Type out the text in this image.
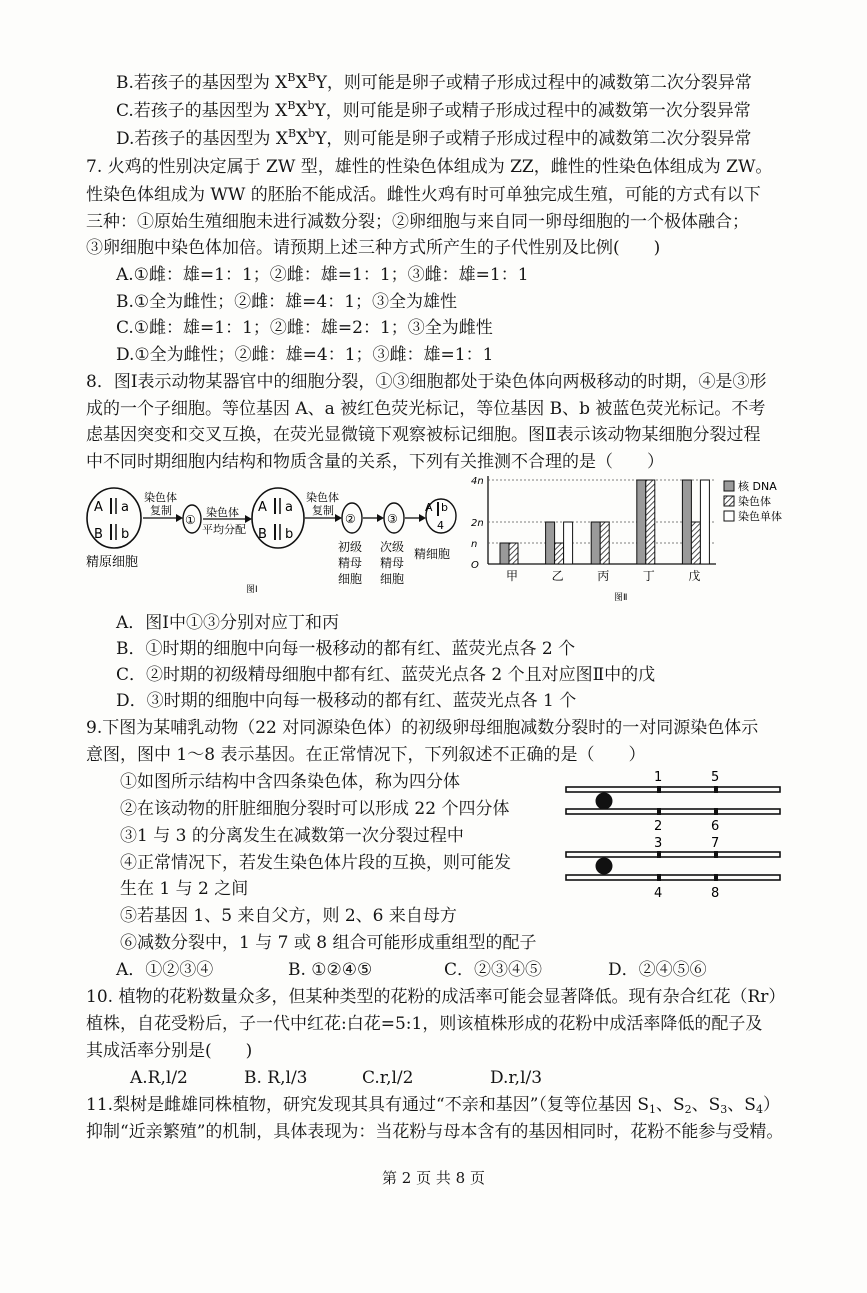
B.若孩子的基因型为 $X^BX^BY$，则可能是卵子或精子形成过程中的减数第二次分裂异常
C.若孩子的基因型为 $X^BX^bY$，则可能是卵子或精子形成过程中的减数第一次分裂异常
D.若孩子的基因型为 $X^BX^bY$，则可能是卵子或精子形成过程中的减数第二次分裂异常
7. 火鸡的性别决定属于 ZW 型，雄性的性染色体组成为 ZZ，雌性的性染色体组成为 ZW。
性染色体组成为 WW 的胚胎不能成活。雌性火鸡有时可单独完成生殖，可能的方式有以下
三种：①原始生殖细胞未进行减数分裂；②卵细胞与来自同一卵母细胞的一个极体融合；
③卵细胞中染色体加倍。请预期上述三种方式所产生的子代性别及比例(　　)
A.①雌：雄=1：1；②雌：雄=1：1；③雌：雄=1：1
B.①全为雌性；②雌：雄=4：1；③全为雄性
C.①雌：雄=1：1；②雌：雄=2：1；③全为雌性
D.①全为雌性；②雌：雄=4：1；③雌：雄=1：1
8．图Ⅰ表示动物某器官中的细胞分裂，①③细胞都处于染色体向两极移动的时期，④是③形
成的一个子细胞。等位基因 A、a 被红色荧光标记，等位基因 B、b 被蓝色荧光标记。不考
虑基因突变和交叉互换，在荧光显微镜下观察被标记细胞。图Ⅱ表示该动物某细胞分裂过程
中不同时期细胞内结构和物质含量的关系，下列有关推测不合理的是（　　）
A a
B b
精原细胞
染色体
复制
①
染色体
平均分配
A a
B b
染色体
复制
②	③
A b
4
初级
精母
细胞
次级
精母
细胞
精细胞
图Ⅰ
4n
2n
n
O
甲	乙	丙	丁	戊
核 DNA
染色体
染色单体
图Ⅱ
A．图Ⅰ中①③分别对应丁和丙
B．①时期的细胞中向每一极移动的都有红、蓝荧光点各 2 个
C．②时期的初级精母细胞中都有红、蓝荧光点各 2 个且对应图Ⅱ中的戊
D．③时期的细胞中向每一极移动的都有红、蓝荧光点各 1 个
9.下图为某哺乳动物（22 对同源染色体）的初级卵母细胞减数分裂时的一对同源染色体示
意图，图中 1～8 表示基因。在正常情况下，下列叙述不正确的是（　　）
①如图所示结构中含四条染色体，称为四分体
②在该动物的肝脏细胞分裂时可以形成 22 个四分体
③1 与 3 的分离发生在减数第一次分裂过程中
④正常情况下，若发生染色体片段的互换，则可能发
生在 1 与 2 之间
⑤若基因 1、5 来自父方，则 2、6 来自母方
⑥减数分裂中，1 与 7 或 8 组合可能形成重组型的配子
1	5
2	6
3	7
4	8
A．①②③④	B. ①②④⑤	C．②③④⑤	D．②④⑤⑥
10. 植物的花粉数量众多，但某种类型的花粉的成活率可能会显著降低。现有杂合红花（Rr）
植株，自花受粉后，子一代中红花:白花=5:1，则该植株形成的花粉中成活率降低的配子及
其成活率分别是(　　)
A.R,l/2	B. R,l/3	C.r,l/2	D.r,l/3
11.梨树是雌雄同株植物，研究发现其具有通过“不亲和基因”（复等位基因 $S_1$、$S_2$、$S_3$、$S_4$）
抑制“近亲繁殖”的机制，具体表现为：当花粉与母本含有的基因相同时，花粉不能参与受精。
第 2 页 共 8 页
